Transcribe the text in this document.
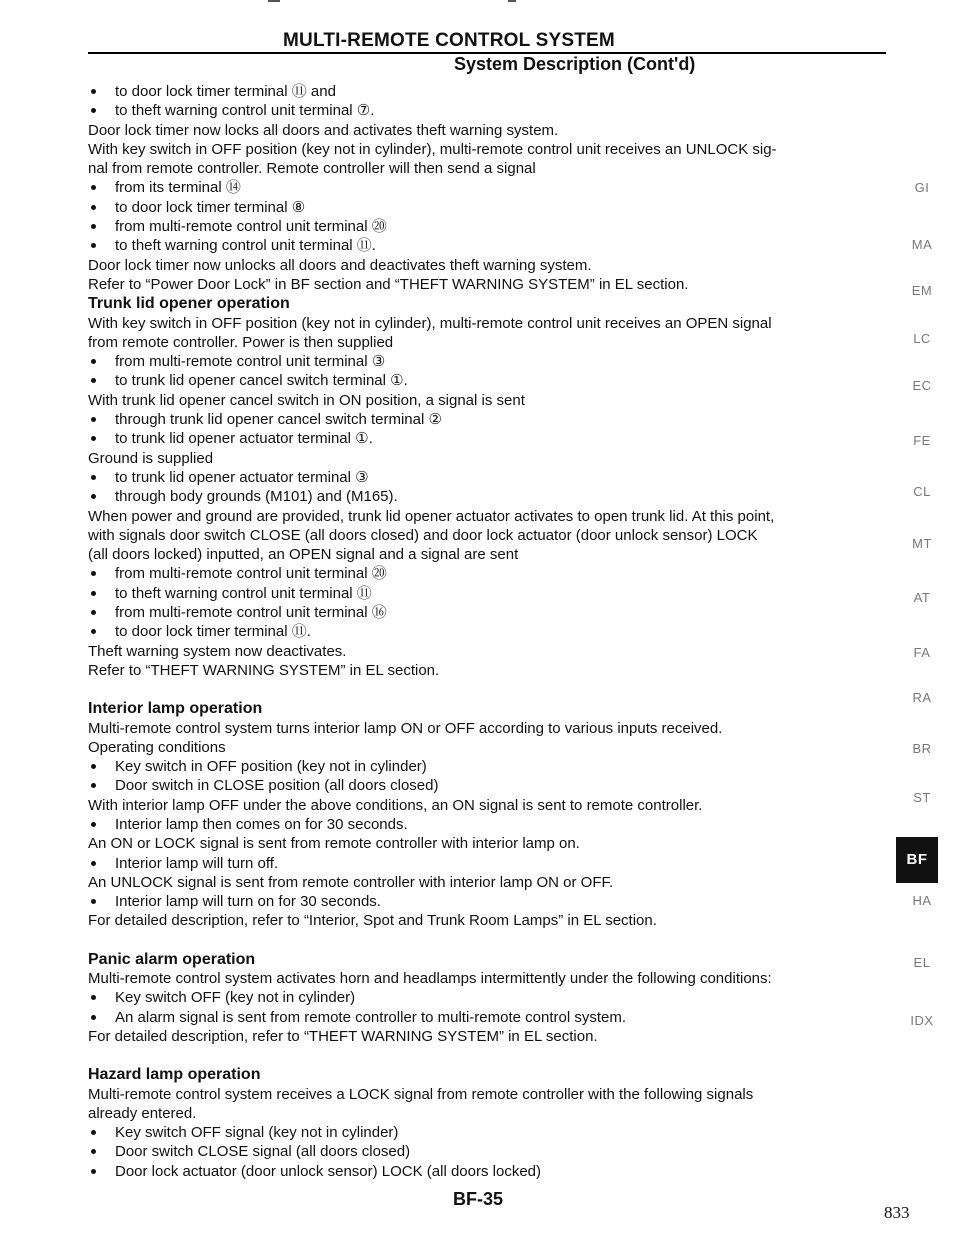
MULTI-REMOTE CONTROL SYSTEM
System Description (Cont'd)
to door lock timer terminal ⑪ and
to theft warning control unit terminal ⑦.
Door lock timer now locks all doors and activates theft warning system.
With key switch in OFF position (key not in cylinder), multi-remote control unit receives an UNLOCK sig-
nal from remote controller. Remote controller will then send a signal
from its terminal ⑭
to door lock timer terminal ⑧
from multi-remote control unit terminal ⑳
to theft warning control unit terminal ⑪.
Door lock timer now unlocks all doors and deactivates theft warning system.
Refer to “Power Door Lock” in BF section and “THEFT WARNING SYSTEM” in EL section.
Trunk lid opener operation
With key switch in OFF position (key not in cylinder), multi-remote control unit receives an OPEN signal
from remote controller. Power is then supplied
from multi-remote control unit terminal ③
to trunk lid opener cancel switch terminal ①.
With trunk lid opener cancel switch in ON position, a signal is sent
through trunk lid opener cancel switch terminal ②
to trunk lid opener actuator terminal ①.
Ground is supplied
to trunk lid opener actuator terminal ③
through body grounds (M101) and (M165).
When power and ground are provided, trunk lid opener actuator activates to open trunk lid. At this point,
with signals door switch CLOSE (all doors closed) and door lock actuator (door unlock sensor) LOCK
(all doors locked) inputted, an OPEN signal and a signal are sent
from multi-remote control unit terminal ⑳
to theft warning control unit terminal ⑪
from multi-remote control unit terminal ⑯
to door lock timer terminal ⑪.
Theft warning system now deactivates.
Refer to “THEFT WARNING SYSTEM” in EL section.
Interior lamp operation
Multi-remote control system turns interior lamp ON or OFF according to various inputs received.
Operating conditions
Key switch in OFF position (key not in cylinder)
Door switch in CLOSE position (all doors closed)
With interior lamp OFF under the above conditions, an ON signal is sent to remote controller.
Interior lamp then comes on for 30 seconds.
An ON or LOCK signal is sent from remote controller with interior lamp on.
Interior lamp will turn off.
An UNLOCK signal is sent from remote controller with interior lamp ON or OFF.
Interior lamp will turn on for 30 seconds.
For detailed description, refer to “Interior, Spot and Trunk Room Lamps” in EL section.
Panic alarm operation
Multi-remote control system activates horn and headlamps intermittently under the following conditions:
Key switch OFF (key not in cylinder)
An alarm signal is sent from remote controller to multi-remote control system.
For detailed description, refer to “THEFT WARNING SYSTEM” in EL section.
Hazard lamp operation
Multi-remote control system receives a LOCK signal from remote controller with the following signals
already entered.
Key switch OFF signal (key not in cylinder)
Door switch CLOSE signal (all doors closed)
Door lock actuator (door unlock sensor) LOCK (all doors locked)
GI
MA
EM
LC
EC
FE
CL
MT
AT
FA
RA
BR
ST
BF
HA
EL
IDX
BF-35
833
